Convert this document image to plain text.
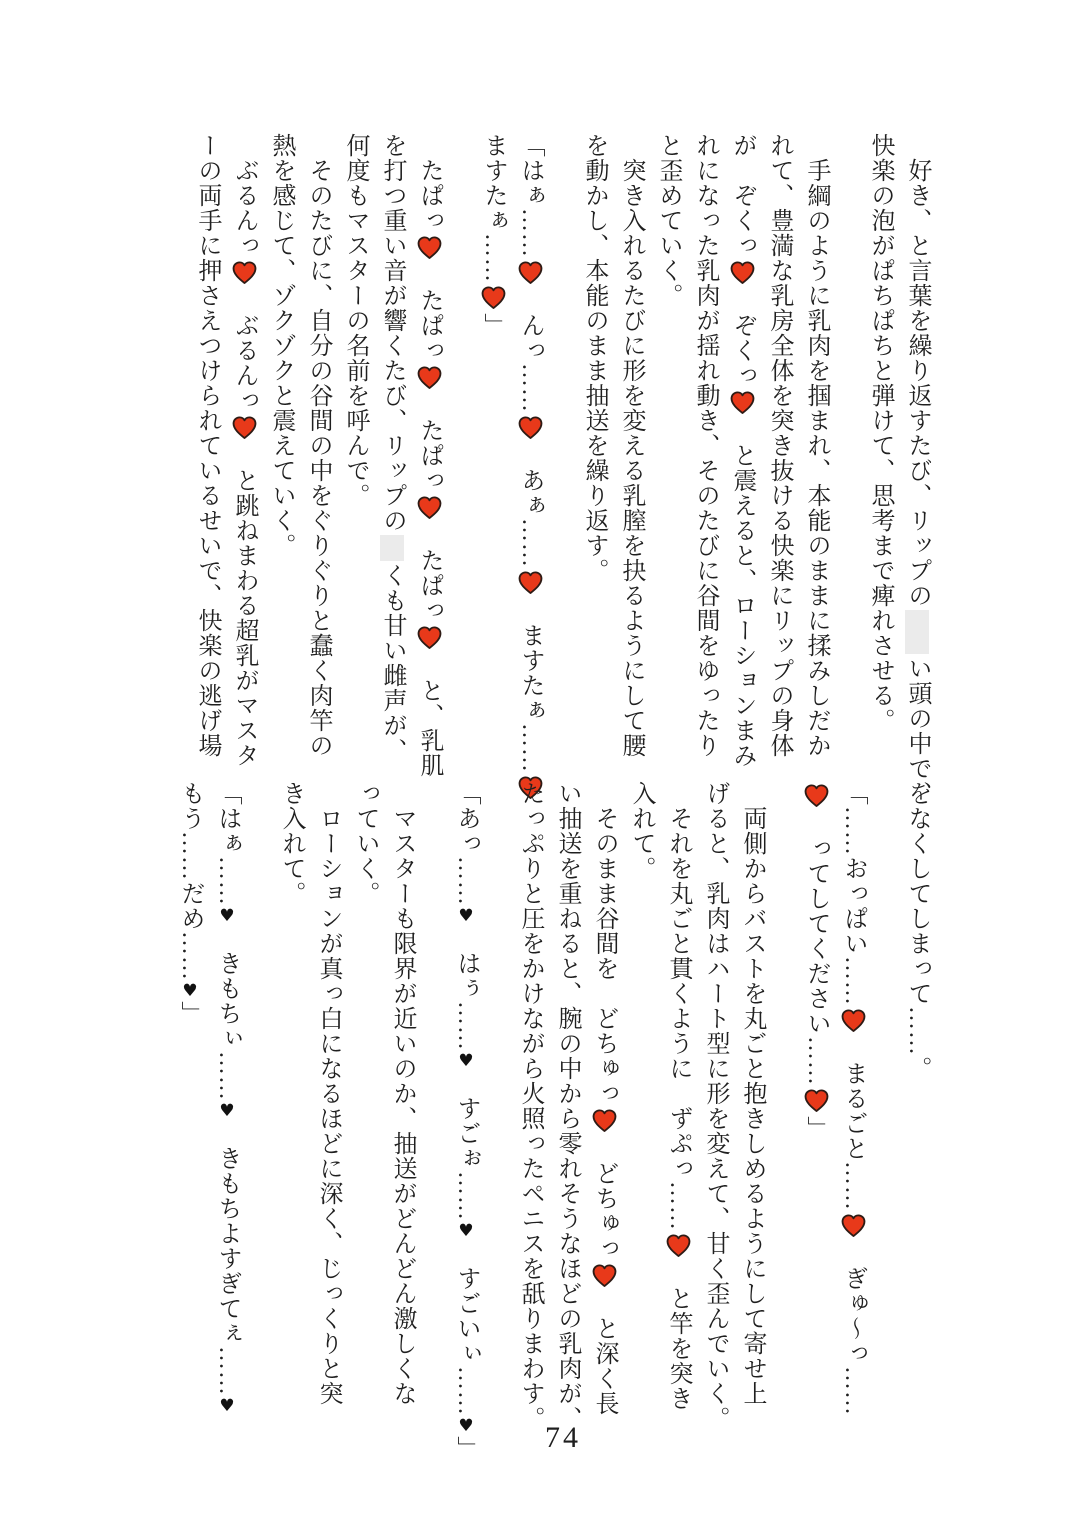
好き、と言葉を繰り返すたび、リップのい頭の中で、
快楽の泡がぱちぱちと弾けて、思考まで痺れさせる。
手綱のように乳肉を掴まれ、本能のままに揉みしだか
れて、豊満な乳房全体を突き抜ける快楽にリップの身体
が　ぞくっ
　ぞくっ
　と震えると、ローションまみ
れになった乳肉が揺れ動き、そのたびに谷間をゆったり
と歪めていく。
突き入れるたびに形を変える乳膣を抉るようにして腰
を動かし、本能のまま抽送を繰り返す。
「はぁ……
　んっ……
　あぁ……
　ますたぁ……
ますたぁ……
」
たぱっ
　たぱっ
　たぱっ
　たぱっ
　と、乳肌
を打つ重い音が響くたび、リップのくも甘い雌声が、
何度もマスターの名前を呼んで。
そのたびに、自分の谷間の中をぐりぐりと蠢く肉竿の
熱を感じて、ゾクゾクと震えていく。
ぶるんっ
　ぶるんっ
　と跳ねまわる超乳がマスタ
ーの両手に押さえつけられているせいで、快楽の逃げ場
をなくしてしまって……。
「……おっぱい……
　まるごと……
　ぎゅ～っ……
　ってしてください……
」
両側からバストを丸ごと抱きしめるようにして寄せ上
げると、乳肉はハート型に形を変えて、甘く歪んでいく。
それを丸ごと貫くように　ずぷっ……
　と竿を突き
入れて。
そのまま谷間を　どちゅっ
　どちゅっ
　と深く長
い抽送を重ねると、腕の中から零れそうなほどの乳肉が、
たっぷりと圧をかけながら火照ったペニスを舐りまわす。
「あっ……♥　はぅ……♥　すごぉ……♥　すごいぃ……♥」
マスターも限界が近いのか、抽送がどんどん激しくな
っていく。
ローションが真っ白になるほどに深く、じっくりと突
き入れて。
「はぁ……♥　きもちぃ……♥　きもちよすぎてぇ……♥
もう……だめ……♥」
74
